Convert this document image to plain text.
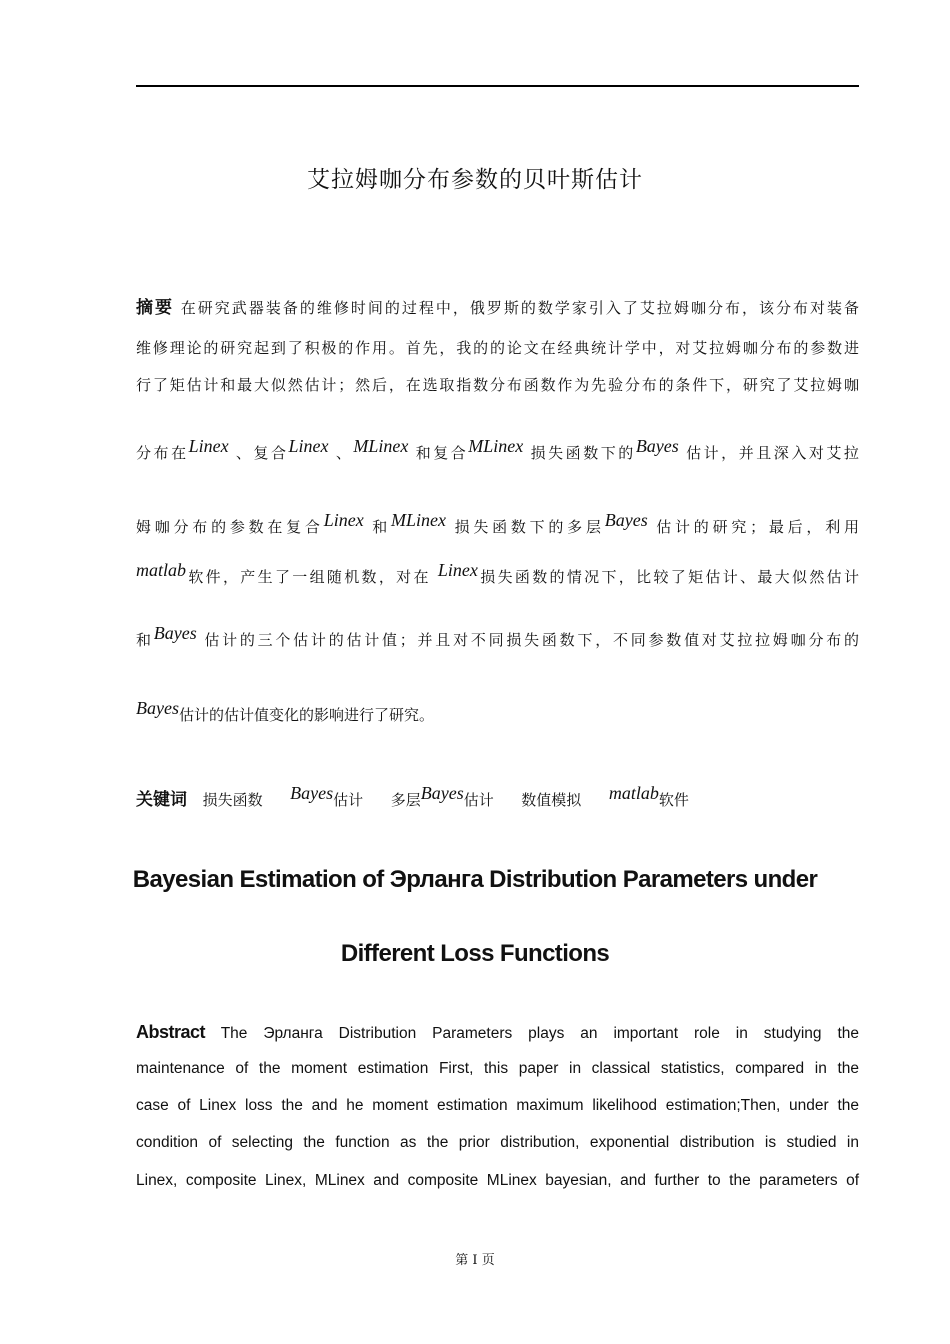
艾拉姆咖分布参数的贝叶斯估计
摘要 在研究武器装备的维修时间的过程中，俄罗斯的数学家引入了艾拉姆咖分布，该分布对装备
维修理论的研究起到了积极的作用。首先，我的的论文在经典统计学中，对艾拉姆咖分布的参数进
行了矩估计和最大似然估计；然后，在选取指数分布函数作为先验分布的条件下，研究了艾拉姆咖
分布在Linex 、复合Linex 、MLinex 和复合MLinex 损失函数下的Bayes 估计，并且深入对艾拉
姆咖分布的参数在复合Linex 和MLinex 损失函数下的多层Bayes 估计的研究；最后，利用
matlab软件，产生了一组随机数，对在 Linex损失函数的情况下，比较了矩估计、最大似然估计
和Bayes 估计的三个估计的估计值；并且对不同损失函数下，不同参数值对艾拉拉姆咖分布的
Bayes估计的估计值变化的影响进行了研究。
关键词 损失函数 Bayes估计 多层Bayes估计 数值模拟 matlab软件
Bayesian Estimation of Эрланга Distribution Parameters under
Different Loss Functions
Abstract The Эрланга Distribution Parameters plays an important role in studying the
maintenance of the moment estimation First, this paper in classical statistics, compared in the
case of Linex loss the and he moment estimation maximum likelihood estimation;Then, under the
condition of selecting the function as the prior distribution, exponential distribution is studied in
Linex, composite Linex, MLinex and composite MLinex bayesian, and further to the parameters of
第 I 页
